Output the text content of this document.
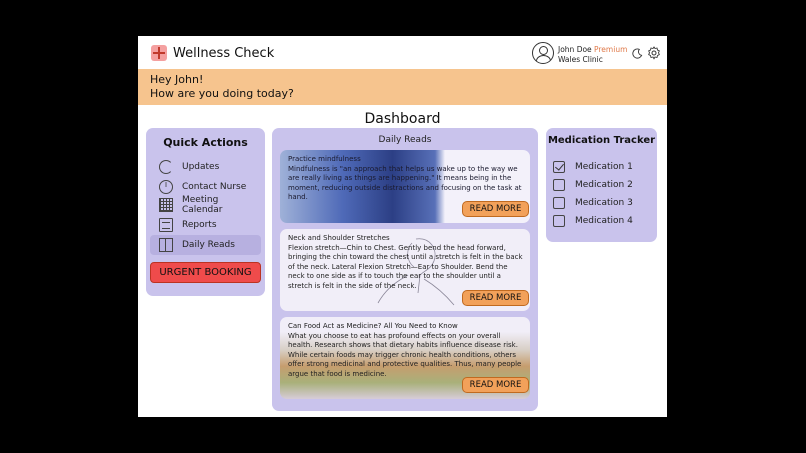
Wellness Check	John Doe Premium
Wales Clinic
Hey John!
How are you doing today?
Dashboard
Quick Actions
Updates
i
Contact Nurse
Meeting Calendar
Reports
Daily Reads
URGENT BOOKING
Daily Reads
Practice mindfulness
Mindfulness is "an approach that helps us wake up to the way we are really living as things are happening." It means being in the moment, reducing outside distractions and focusing on the task at hand.
READ MORE
Neck and Shoulder Stretches
Flexion stretch—Chin to Chest. Gently bend the head forward, bringing the chin toward the chest until a stretch is felt in the back of the neck. Lateral Flexion Stretch—Ear to Shoulder. Bend the neck to one side as if to touch the ear to the shoulder until a stretch is felt in the side of the neck.
READ MORE
Can Food Act as Medicine? All You Need to Know
What you choose to eat has profound effects on your overall health. Research shows that dietary habits influence disease risk. While certain foods may trigger chronic health conditions, others offer strong medicinal and protective qualities. Thus, many people argue that food is medicine.
READ MORE
Medication Tracker
Medication 1
Medication 2
Medication 3
Medication 4
